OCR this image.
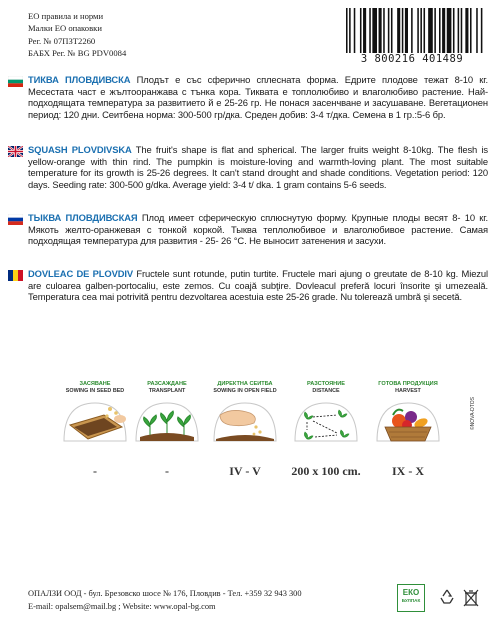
ЕО правила и норми
Малки ЕО опаковки
Рег. № 07ПЗТ2260
БАБХ Рег. № BG PDV0084	3 800216 401489
ТИКВА ПЛОВДИВСКА Плодът е със сферично сплеснатa форма. Едрите плодове тежат 8-10 кг. Месестата част е жълтооранжава с тънка кора. Тиквата е топлолюбиво и влаголюбиво растение. Най-подходящата температура за развитието й е 25-26 гр. Не понася засенчване и засушаване. Вегетационен период: 120 дни. Сеитбена норма: 300-500 гр/дка. Среден добив: 3-4 т/дка. Семена в 1 гр.:5-6 бр.
SQUASH PLOVDIVSKA The fruit's shape is flat and spherical. The larger fruits weight 8-10kg. The flesh is yellow-orange with thin rind. The pumpkin is moisture-loving and warmth-loving plant. The most suitable temperature for its growth is 25-26 degrees. It can't stand drought and shade conditions. Vegetation period: 120 days. Seeding rate: 300-500 g/dka. Average yield: 3-4 t/ dka. 1 gram contains 5-6 seeds.
ТЫКВА ПЛОВДИВСКАЯ Плод имеет сферическую сплюснутую форму. Крупные плоды весят 8- 10 кг. Мякоть желто-оранжевая с тонкой коркой. Тыква теплолюбивое и влаголюбивое растение. Самая подходящая температура для развития - 25- 26 °С. Не выносит затенения и засухи.
DOVLEAC DE PLOVDIV Fructele sunt rotunde, putin turtite. Fructele mari ajung o greutate de 8-10 kg. Miezul are culoarea galben-portocaliu, este zemos. Cu coajă subţire. Dovleacul preferă locuri însorite şi umezeală. Temperatura cea mai potrivită pentru dezvoltarea acestuia este 25-26 grade. Nu tolerează umbră şi secetă.
ЗАСЯВАНЕ
SOWING IN SEED BED
-
РАЗСАЖДАНЕ
TRANSPLANT
-
ДИРЕКТНА СЕИТБА
SOWING IN OPEN FIELD
IV - V
РАЗСТОЯНИЕ
DISTANCE
200 х 100 cm.
ГОТОВА ПРОДУКЦИЯ
HARVEST
IX - X
©NOVA-DTOS
ОПАЛЗИ ООД - бул. Брезовско шосе № 176, Пловдив - Тел. +359 32 943 300
E-mail: opalsem@mail.bg ; Website: www.opal-bg.com
ЕКО
БУЛПАК
